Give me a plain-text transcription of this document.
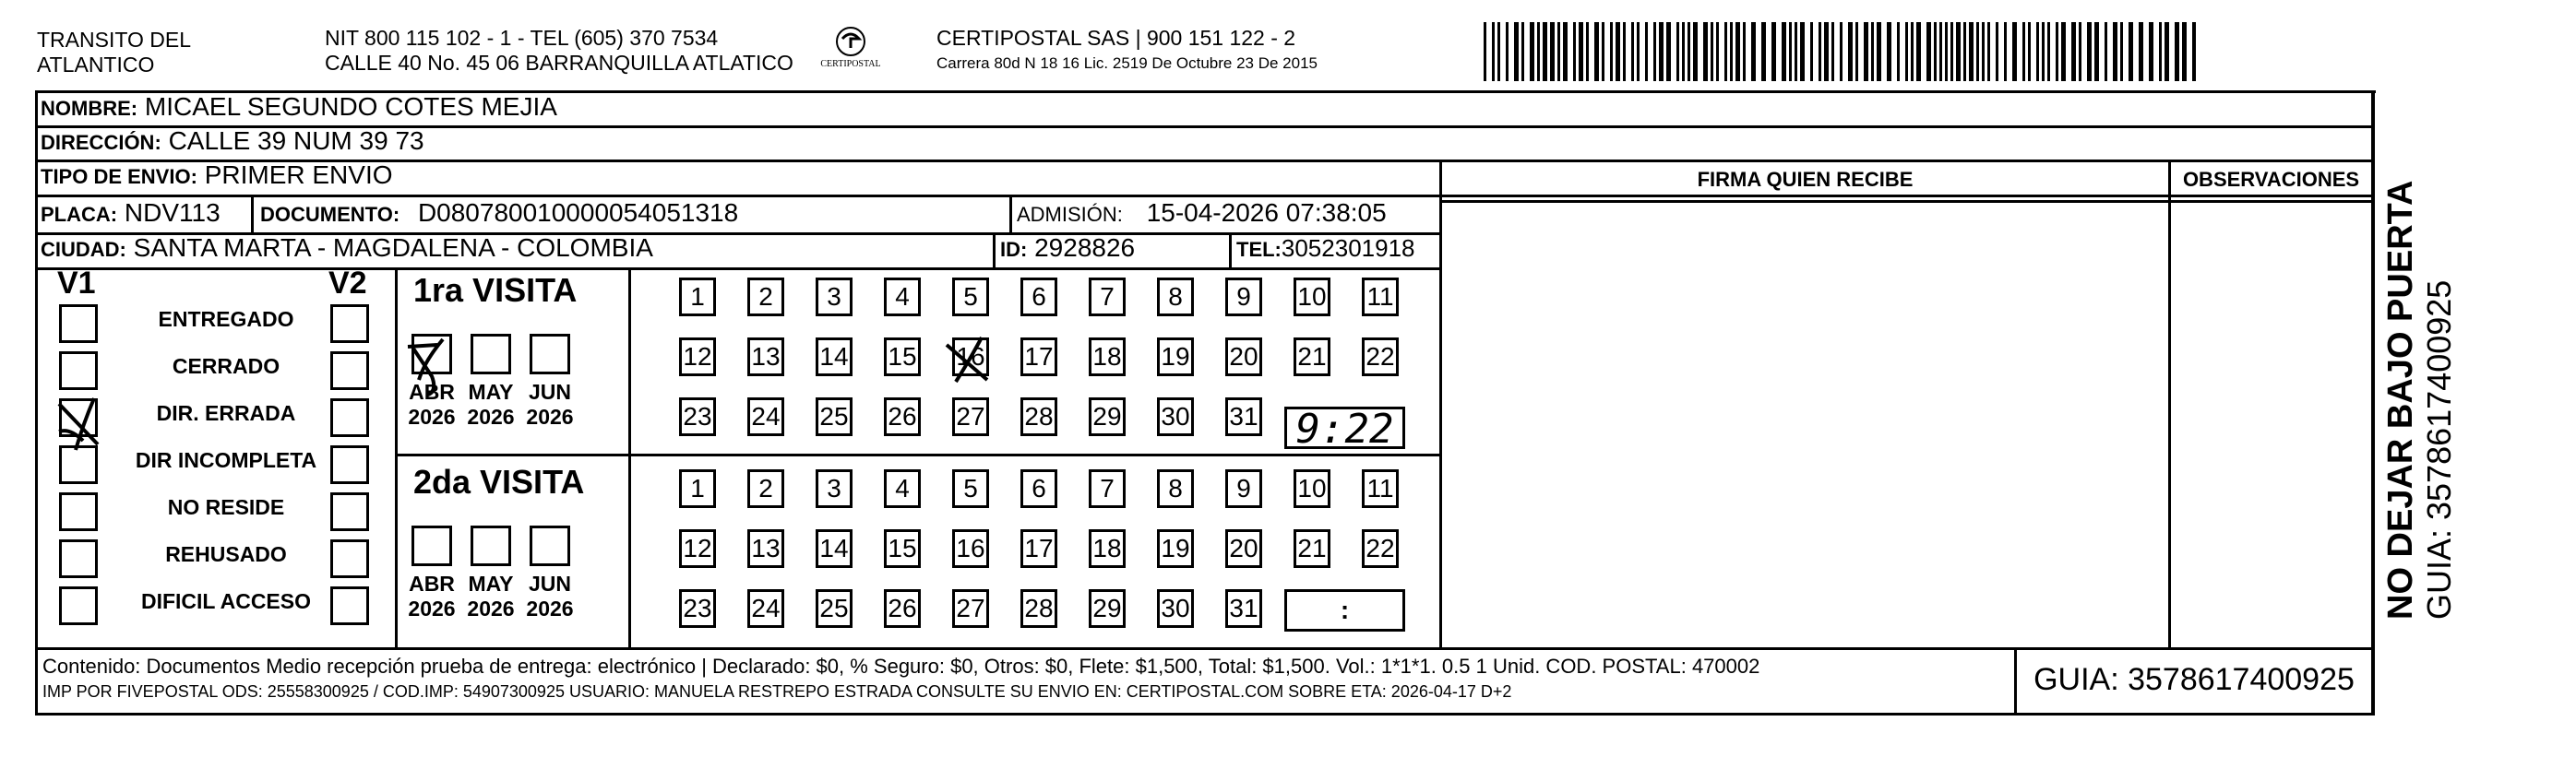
TRANSITO DEL
ATLANTICO
NIT 800 115 102 - 1 - TEL (605) 370 7534
CALLE 40 No. 45 06 BARRANQUILLA ATLATICO	CERTIPOSTAL
CERTIPOSTAL SAS | 900 151 122 - 2
Carrera 80d N 18 16 Lic. 2519 De Octubre 23 De 2015
NOMBRE: MICAEL SEGUNDO COTES MEJIA
DIRECCIÓN: CALLE 39 NUM 39 73
TIPO DE ENVIO: PRIMER ENVIO
PLACA: NDV113 DOCUMENTO: D080780010000054051318	ADMISIÓN: 15-04-2026 07:38:05
CIUDAD: SANTA MARTA - MAGDALENA - COLOMBIA	ID: 2928826	TEL:3052301918
FIRMA QUIEN RECIBE	OBSERVACIONES
NO DEJAR BAJO PUERTA GUIA: 3578617400925
V1	V2
ENTREGADO
CERRADO
DIR. ERRADA
DIR INCOMPLETA
NO RESIDE
REHUSADO
DIFICIL ACCESO
1ra VISITA
2da VISITA
ABR
2026
MAY
2026
JUN
2026
ABR
2026
MAY
2026
JUN
2026
1	2	3	4	5	6	7	8	9	10 11
12 13 14 15 16 17 18 19 20 21 22
23 24 25 26 27 28 29 30 31
1	2	3	4	5	6	7	8	9	10 11
12 13 14 15 16 17 18 19 20 21 22
23 24 25 26 27 28 29 30 31
9:22
:
Contenido: Documentos Medio recepción prueba de entrega: electrónico | Declarado: $0, % Seguro: $0, Otros: $0, Flete: $1,500, Total: $1,500. Vol.: 1*1*1. 0.5 1 Unid. COD. POSTAL: 470002
IMP POR FIVEPOSTAL ODS: 25558300925 / COD.IMP: 54907300925 USUARIO: MANUELA RESTREPO ESTRADA CONSULTE SU ENVIO EN: CERTIPOSTAL.COM SOBRE ETA: 2026-04-17 D+2	GUIA: 3578617400925
